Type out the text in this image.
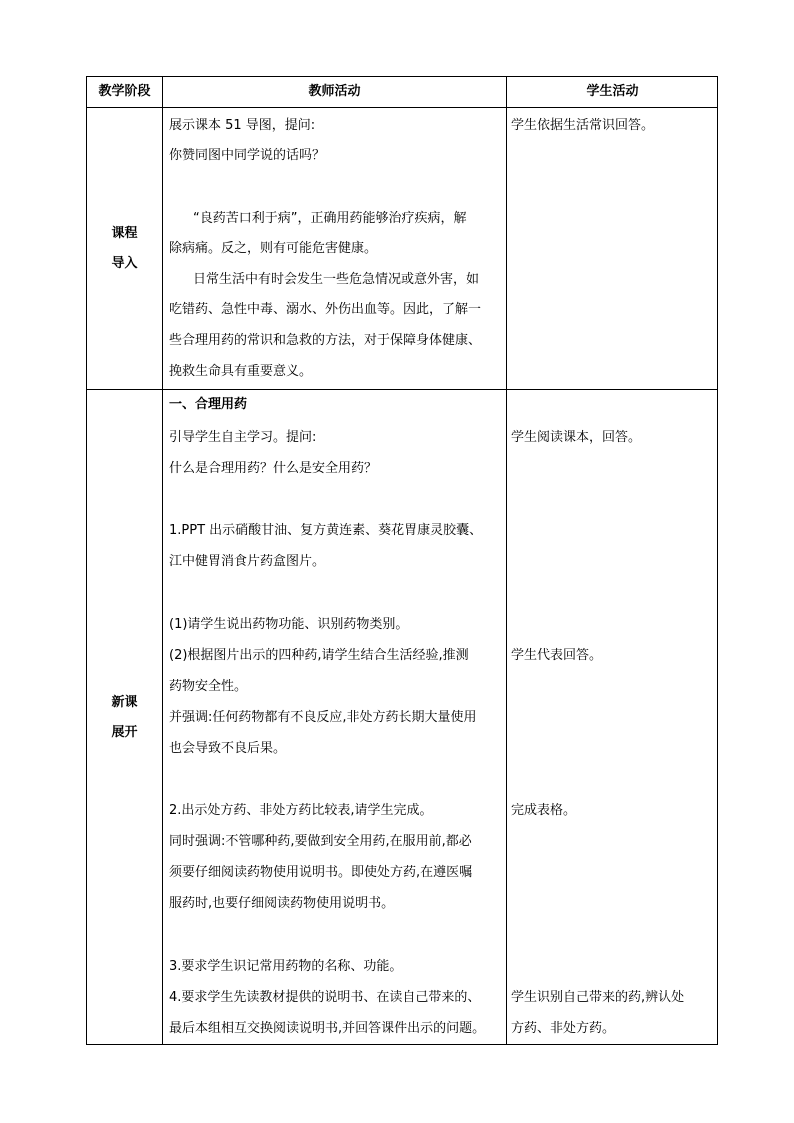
教学阶段	教师活动	学生活动
课程
导入
展示课本 51 导图，提问:
你赞同图中同学说的话吗？
“良药苦口利于病”，正确用药能够治疗疾病，解
除病痛。反之，则有可能危害健康。
日常生活中有时会发生一些危急情况或意外害，如
吃错药、急性中毒、溺水、外伤出血等。因此，了解一
些合理用药的常识和急救的方法，对于保障身体健康、
挽救生命具有重要意义。
学生依据生活常识回答。
新课
展开
一、合理用药
引导学生自主学习。提问:
什么是合理用药？什么是安全用药？
1.PPT 出示硝酸甘油、复方黄连素、葵花胃康灵胶囊、
江中健胃消食片药盒图片。
(1)请学生说出药物功能、识别药物类别。
(2)根据图片出示的四种药,请学生结合生活经验,推测
药物安全性。
并强调:任何药物都有不良反应,非处方药长期大量使用
也会导致不良后果。
2.出示处方药、非处方药比较表,请学生完成。
同时强调:不管哪种药,要做到安全用药,在服用前,都必
须要仔细阅读药物使用说明书。即使处方药,在遵医嘱
服药时,也要仔细阅读药物使用说明书。
3.要求学生识记常用药物的名称、功能。
4.要求学生先读教材提供的说明书、在读自己带来的、
最后本组相互交换阅读说明书,并回答课件出示的问题。
学生阅读课本，回答。
学生代表回答。
完成表格。
学生识别自己带来的药,辨认处
方药、非处方药。
